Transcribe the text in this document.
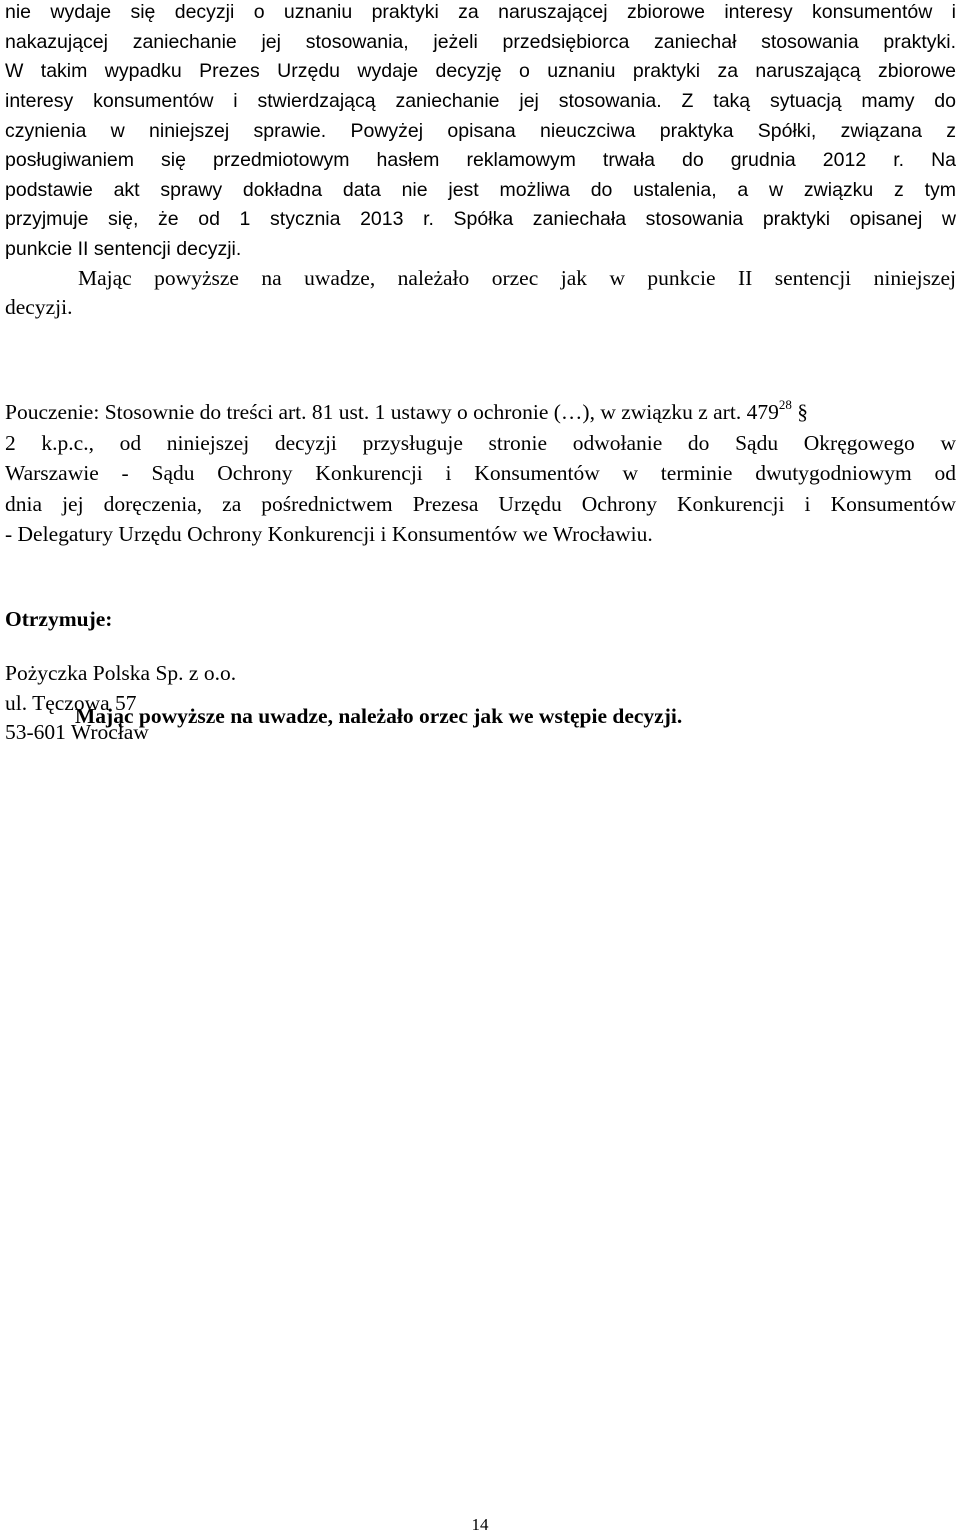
nie wydaje się decyzji o uznaniu praktyki za naruszającej zbiorowe interesy konsumentów i
nakazującej zaniechanie jej stosowania, jeżeli przedsiębiorca zaniechał stosowania praktyki.
W takim wypadku Prezes Urzędu wydaje decyzję o uznaniu praktyki za naruszającą zbiorowe
interesy konsumentów i stwierdzającą zaniechanie jej stosowania. Z taką sytuacją mamy do
czynienia w niniejszej sprawie. Powyżej opisana nieuczciwa praktyka Spółki, związana z
posługiwaniem się przedmiotowym hasłem reklamowym trwała do grudnia 2012 r. Na
podstawie akt sprawy dokładna data nie jest możliwa do ustalenia, a w związku z tym
przyjmuje się, że od 1 stycznia 2013 r. Spółka zaniechała stosowania praktyki opisanej w
punkcie II sentencji decyzji.
Mając powyższe na uwadze, należało orzec jak w punkcie II sentencji niniejszej
decyzji.
Mając powyższe na uwadze, należało orzec jak we wstępie decyzji.
Pouczenie: Stosownie do treści art. 81 ust. 1 ustawy o ochronie (…), w związku z art. $479^{28}$ §
2 k.p.c., od niniejszej decyzji przysługuje stronie odwołanie do Sądu Okręgowego w
Warszawie - Sądu Ochrony Konkurencji i Konsumentów w terminie dwutygodniowym od
dnia jej doręczenia, za pośrednictwem Prezesa Urzędu Ochrony Konkurencji i Konsumentów
- Delegatury Urzędu Ochrony Konkurencji i Konsumentów we Wrocławiu.
Otrzymuje:
Pożyczka Polska Sp. z o.o.
ul. Tęczowa 57
53-601 Wrocław
14
